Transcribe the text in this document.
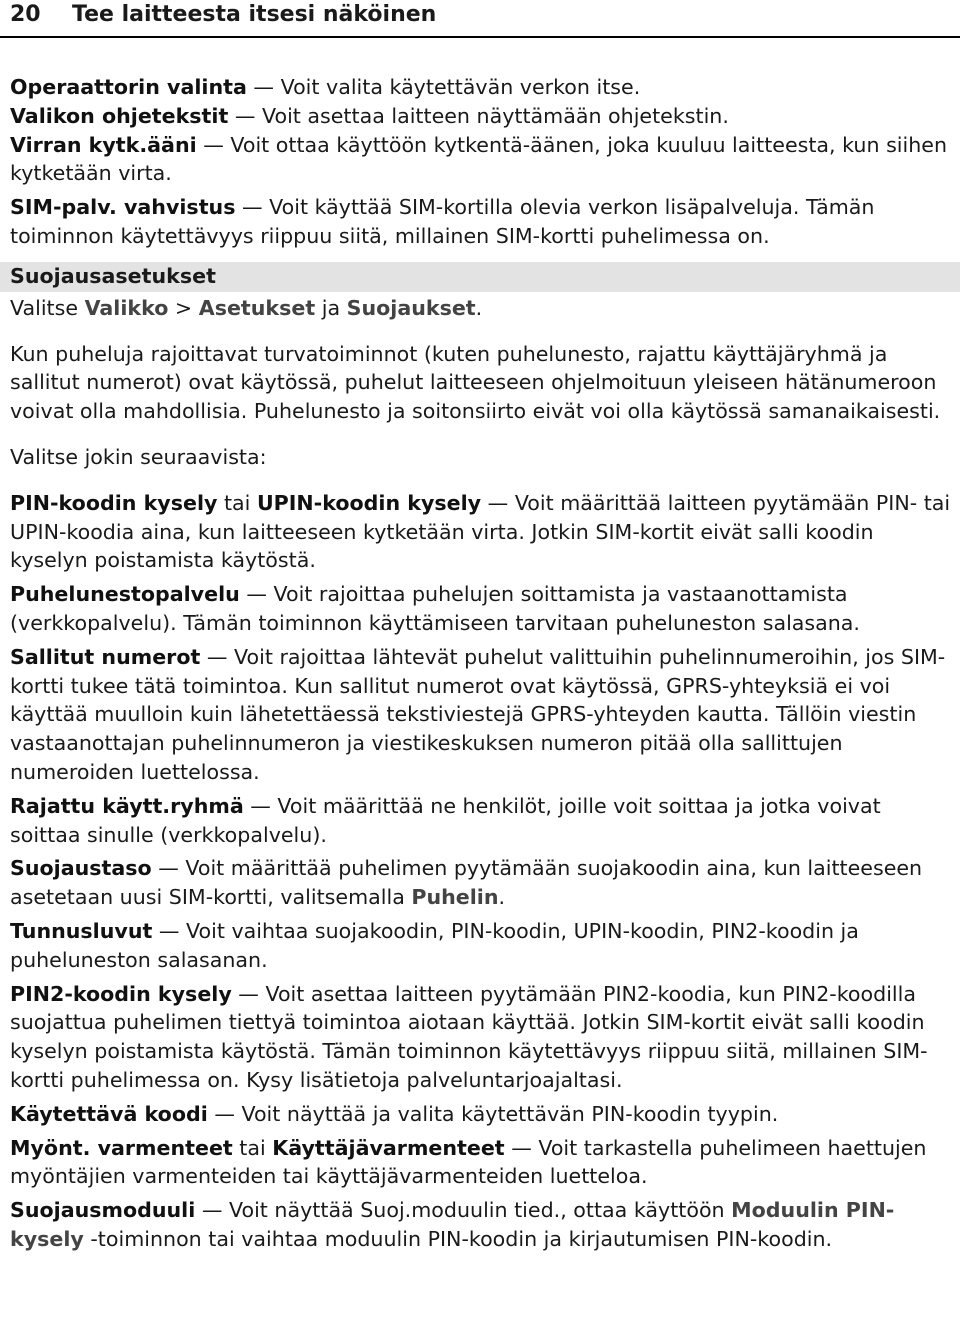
20 Tee laitteesta itsesi näköinen
Operaattorin valinta — Voit valita käytettävän verkon itse.
Valikon ohjetekstit — Voit asettaa laitteen näyttämään ohjetekstin.
Virran kytk.ääni — Voit ottaa käyttöön kytkentä-äänen, joka kuuluu laitteesta, kun siihen kytketään virta.
SIM-palv. vahvistus — Voit käyttää SIM-kortilla olevia verkon lisäpalveluja. Tämän toiminnon käytettävyys riippuu siitä, millainen SIM-kortti puhelimessa on.
Suojausasetukset
Valitse Valikko > Asetukset ja Suojaukset.
Kun puheluja rajoittavat turvatoiminnot (kuten puhelunesto, rajattu käyttäjäryhmä ja sallitut numerot) ovat käytössä, puhelut laitteeseen ohjelmoituun yleiseen hätänumeroon voivat olla mahdollisia. Puhelunesto ja soitonsiirto eivät voi olla käytössä samanaikaisesti.
Valitse jokin seuraavista:
PIN-koodin kysely tai UPIN-koodin kysely — Voit määrittää laitteen pyytämään PIN- tai UPIN-koodia aina, kun laitteeseen kytketään virta. Jotkin SIM-kortit eivät salli koodin kyselyn poistamista käytöstä.
Puhelunestopalvelu — Voit rajoittaa puhelujen soittamista ja vastaanottamista (verkkopalvelu). Tämän toiminnon käyttämiseen tarvitaan puheluneston salasana.
Sallitut numerot — Voit rajoittaa lähtevät puhelut valittuihin puhelinnumeroihin, jos SIM-kortti tukee tätä toimintoa. Kun sallitut numerot ovat käytössä, GPRS-yhteyksiä ei voi käyttää muulloin kuin lähetettäessä tekstiviestejä GPRS-yhteyden kautta. Tällöin viestin vastaanottajan puhelinnumeron ja viestikeskuksen numeron pitää olla sallittujen numeroiden luettelossa.
Rajattu käytt.ryhmä — Voit määrittää ne henkilöt, joille voit soittaa ja jotka voivat soittaa sinulle (verkkopalvelu).
Suojaustaso — Voit määrittää puhelimen pyytämään suojakoodin aina, kun laitteeseen asetetaan uusi SIM-kortti, valitsemalla Puhelin.
Tunnusluvut — Voit vaihtaa suojakoodin, PIN-koodin, UPIN-koodin, PIN2-koodin ja puheluneston salasanan.
PIN2-koodin kysely — Voit asettaa laitteen pyytämään PIN2-koodia, kun PIN2-koodilla suojattua puhelimen tiettyä toimintoa aiotaan käyttää. Jotkin SIM-kortit eivät salli koodin kyselyn poistamista käytöstä. Tämän toiminnon käytettävyys riippuu siitä, millainen SIM-kortti puhelimessa on. Kysy lisätietoja palveluntarjoajaltasi.
Käytettävä koodi — Voit näyttää ja valita käytettävän PIN-koodin tyypin.
Myönt. varmenteet tai Käyttäjävarmenteet — Voit tarkastella puhelimeen haettujen myöntäjien varmenteiden tai käyttäjävarmenteiden luetteloa.
Suojausmoduuli — Voit näyttää Suoj.moduulin tied., ottaa käyttöön Moduulin PIN-kysely -toiminnon tai vaihtaa moduulin PIN-koodin ja kirjautumisen PIN-koodin.
